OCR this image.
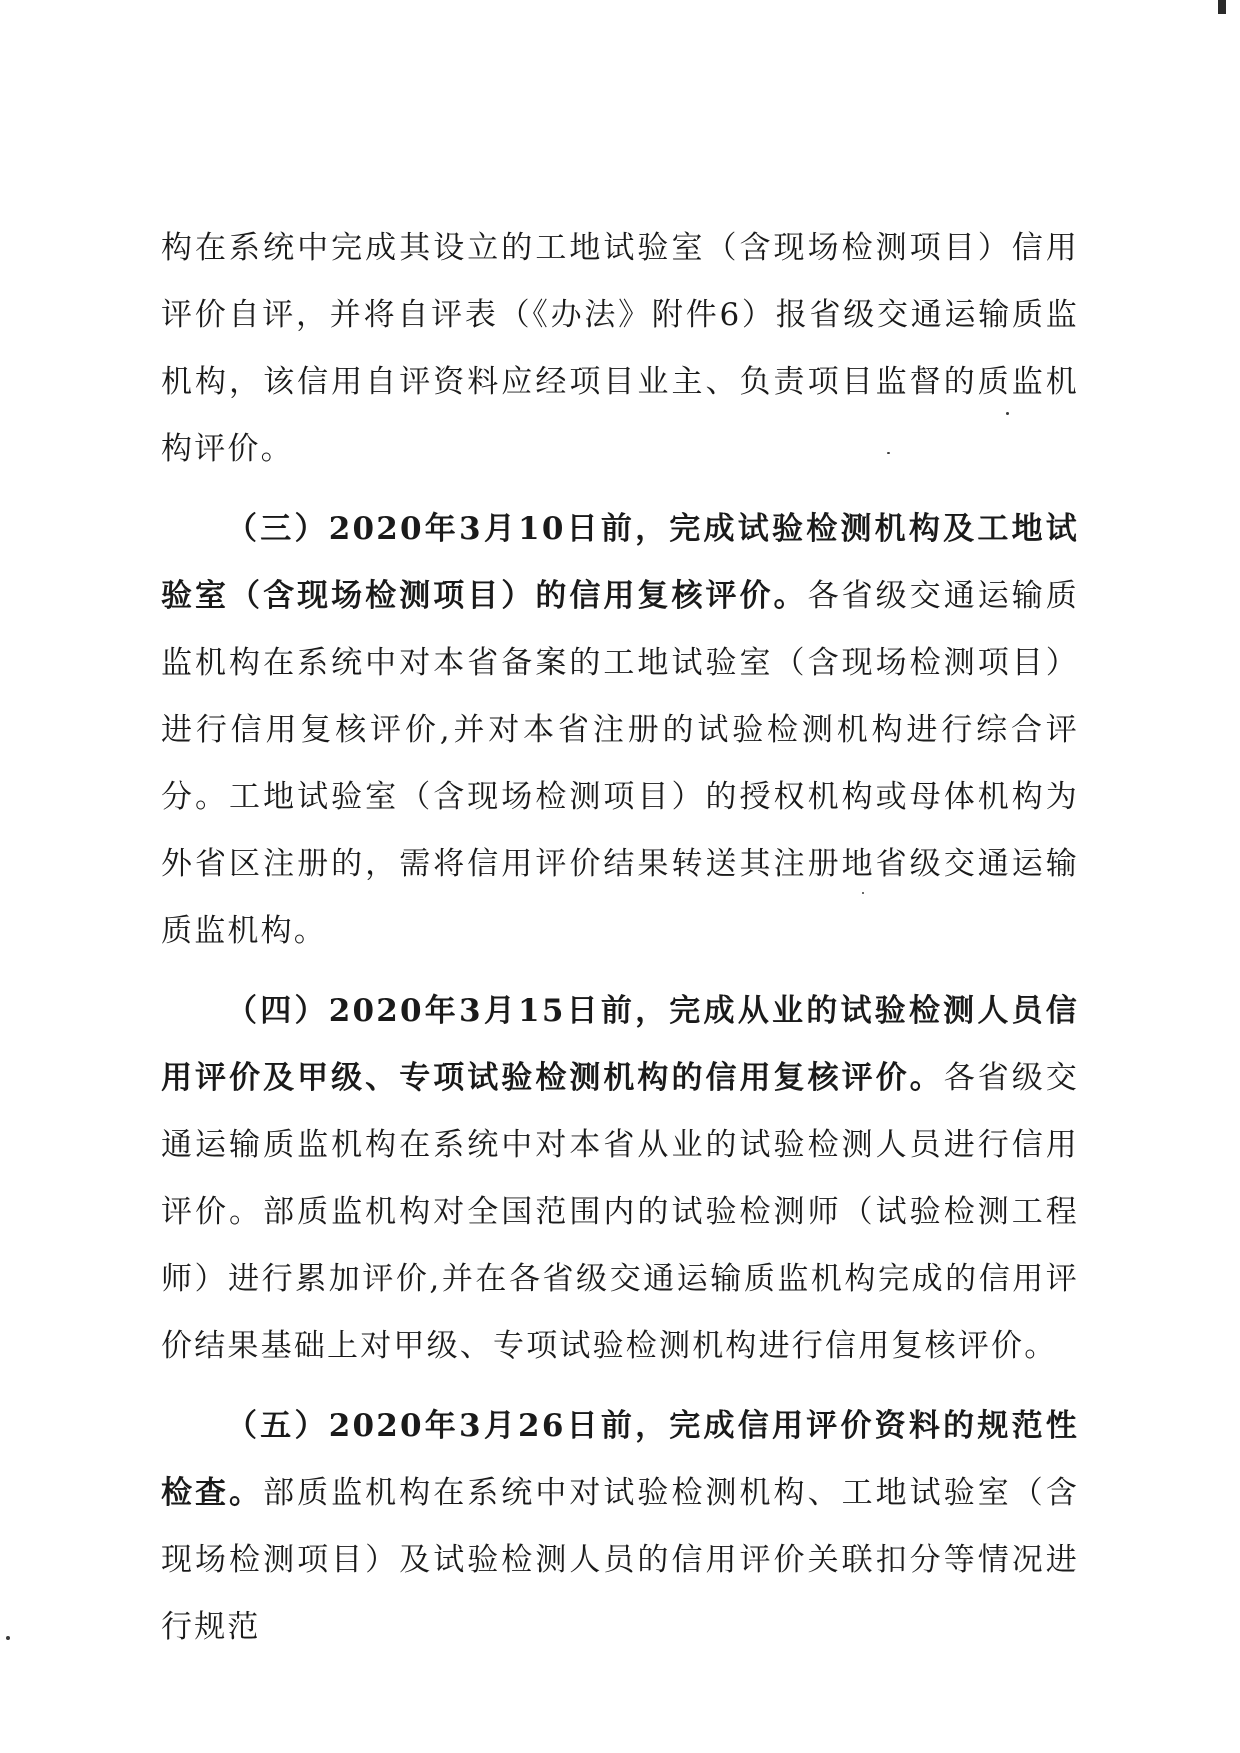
构在系统中完成其设立的工地试验室（含现场检测项目）信用评价自评，并将自评表（《办法》附件6）报省级交通运输质监机构，该信用自评资料应经项目业主、负责项目监督的质监机构评价。

（三）2020年3月10日前，完成试验检测机构及工地试验室（含现场检测项目）的信用复核评价。各省级交通运输质监机构在系统中对本省备案的工地试验室（含现场检测项目）进行信用复核评价,并对本省注册的试验检测机构进行综合评分。工地试验室（含现场检测项目）的授权机构或母体机构为外省区注册的，需将信用评价结果转送其注册地省级交通运输质监机构。

（四）2020年3月15日前，完成从业的试验检测人员信用评价及甲级、专项试验检测机构的信用复核评价。各省级交通运输质监机构在系统中对本省从业的试验检测人员进行信用评价。部质监机构对全国范围内的试验检测师（试验检测工程师）进行累加评价,并在各省级交通运输质监机构完成的信用评价结果基础上对甲级、专项试验检测机构进行信用复核评价。

（五）2020年3月26日前，完成信用评价资料的规范性检查。部质监机构在系统中对试验检测机构、工地试验室（含现场检测项目）及试验检测人员的信用评价关联扣分等情况进行规范
